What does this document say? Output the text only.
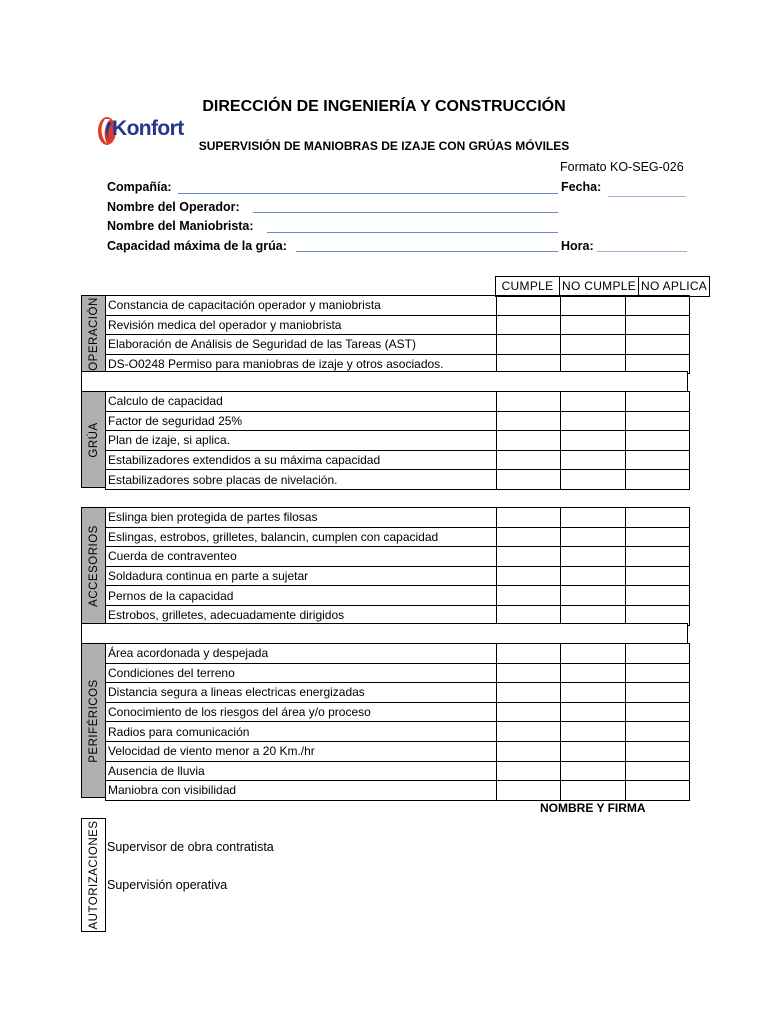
DIRECCIÓN DE INGENIERÍA Y CONSTRUCCIÓN
Konfort
SUPERVISIÓN DE MANIOBRAS DE IZAJE CON GRÚAS MÓVILES
Formato KO-SEG-026
Compañía:	Fecha:
Nombre del Operador:
Nombre del Maniobrista:
Capacidad máxima de la grúa:	Hora:
CUMPLE	NO CUMPLE	NO APLICA
OPERACIÓN Constancia de capacitación operador y maniobrista			
Revisión medica del operador y maniobrista			
Elaboración de Análisis de Seguridad de las Tareas (AST)			
DS-O0248 Permiso para maniobras de izaje y otros asociados.			
GRÚA
Calculo de capacidad			
Factor de seguridad 25%			
Plan de izaje, si aplica.			
Estabilizadores extendidos a su máxima capacidad			
Estabilizadores sobre placas de nivelación.			
ACCESORIOS
Eslinga bien protegida de partes filosas			
Eslingas, estrobos, grilletes, balancin, cumplen con capacidad			
Cuerda de contraventeo			
Soldadura continua en parte a sujetar			
Pernos de la capacidad			
Estrobos, grilletes, adecuadamente dirigidos			
PERIFÉRICOS
Área acordonada y despejada			
Condiciones del terreno			
Distancia segura a lineas electricas energizadas			
Conocimiento de los riesgos del área y/o proceso			
Radios para comunicación			
Velocidad de viento menor a 20 Km./hr			
Ausencia de lluvia			
Maniobra con visibilidad			
NOMBRE Y FIRMA
AUTORIZACIONES Supervisor de obra contratista
Supervisión operativa
